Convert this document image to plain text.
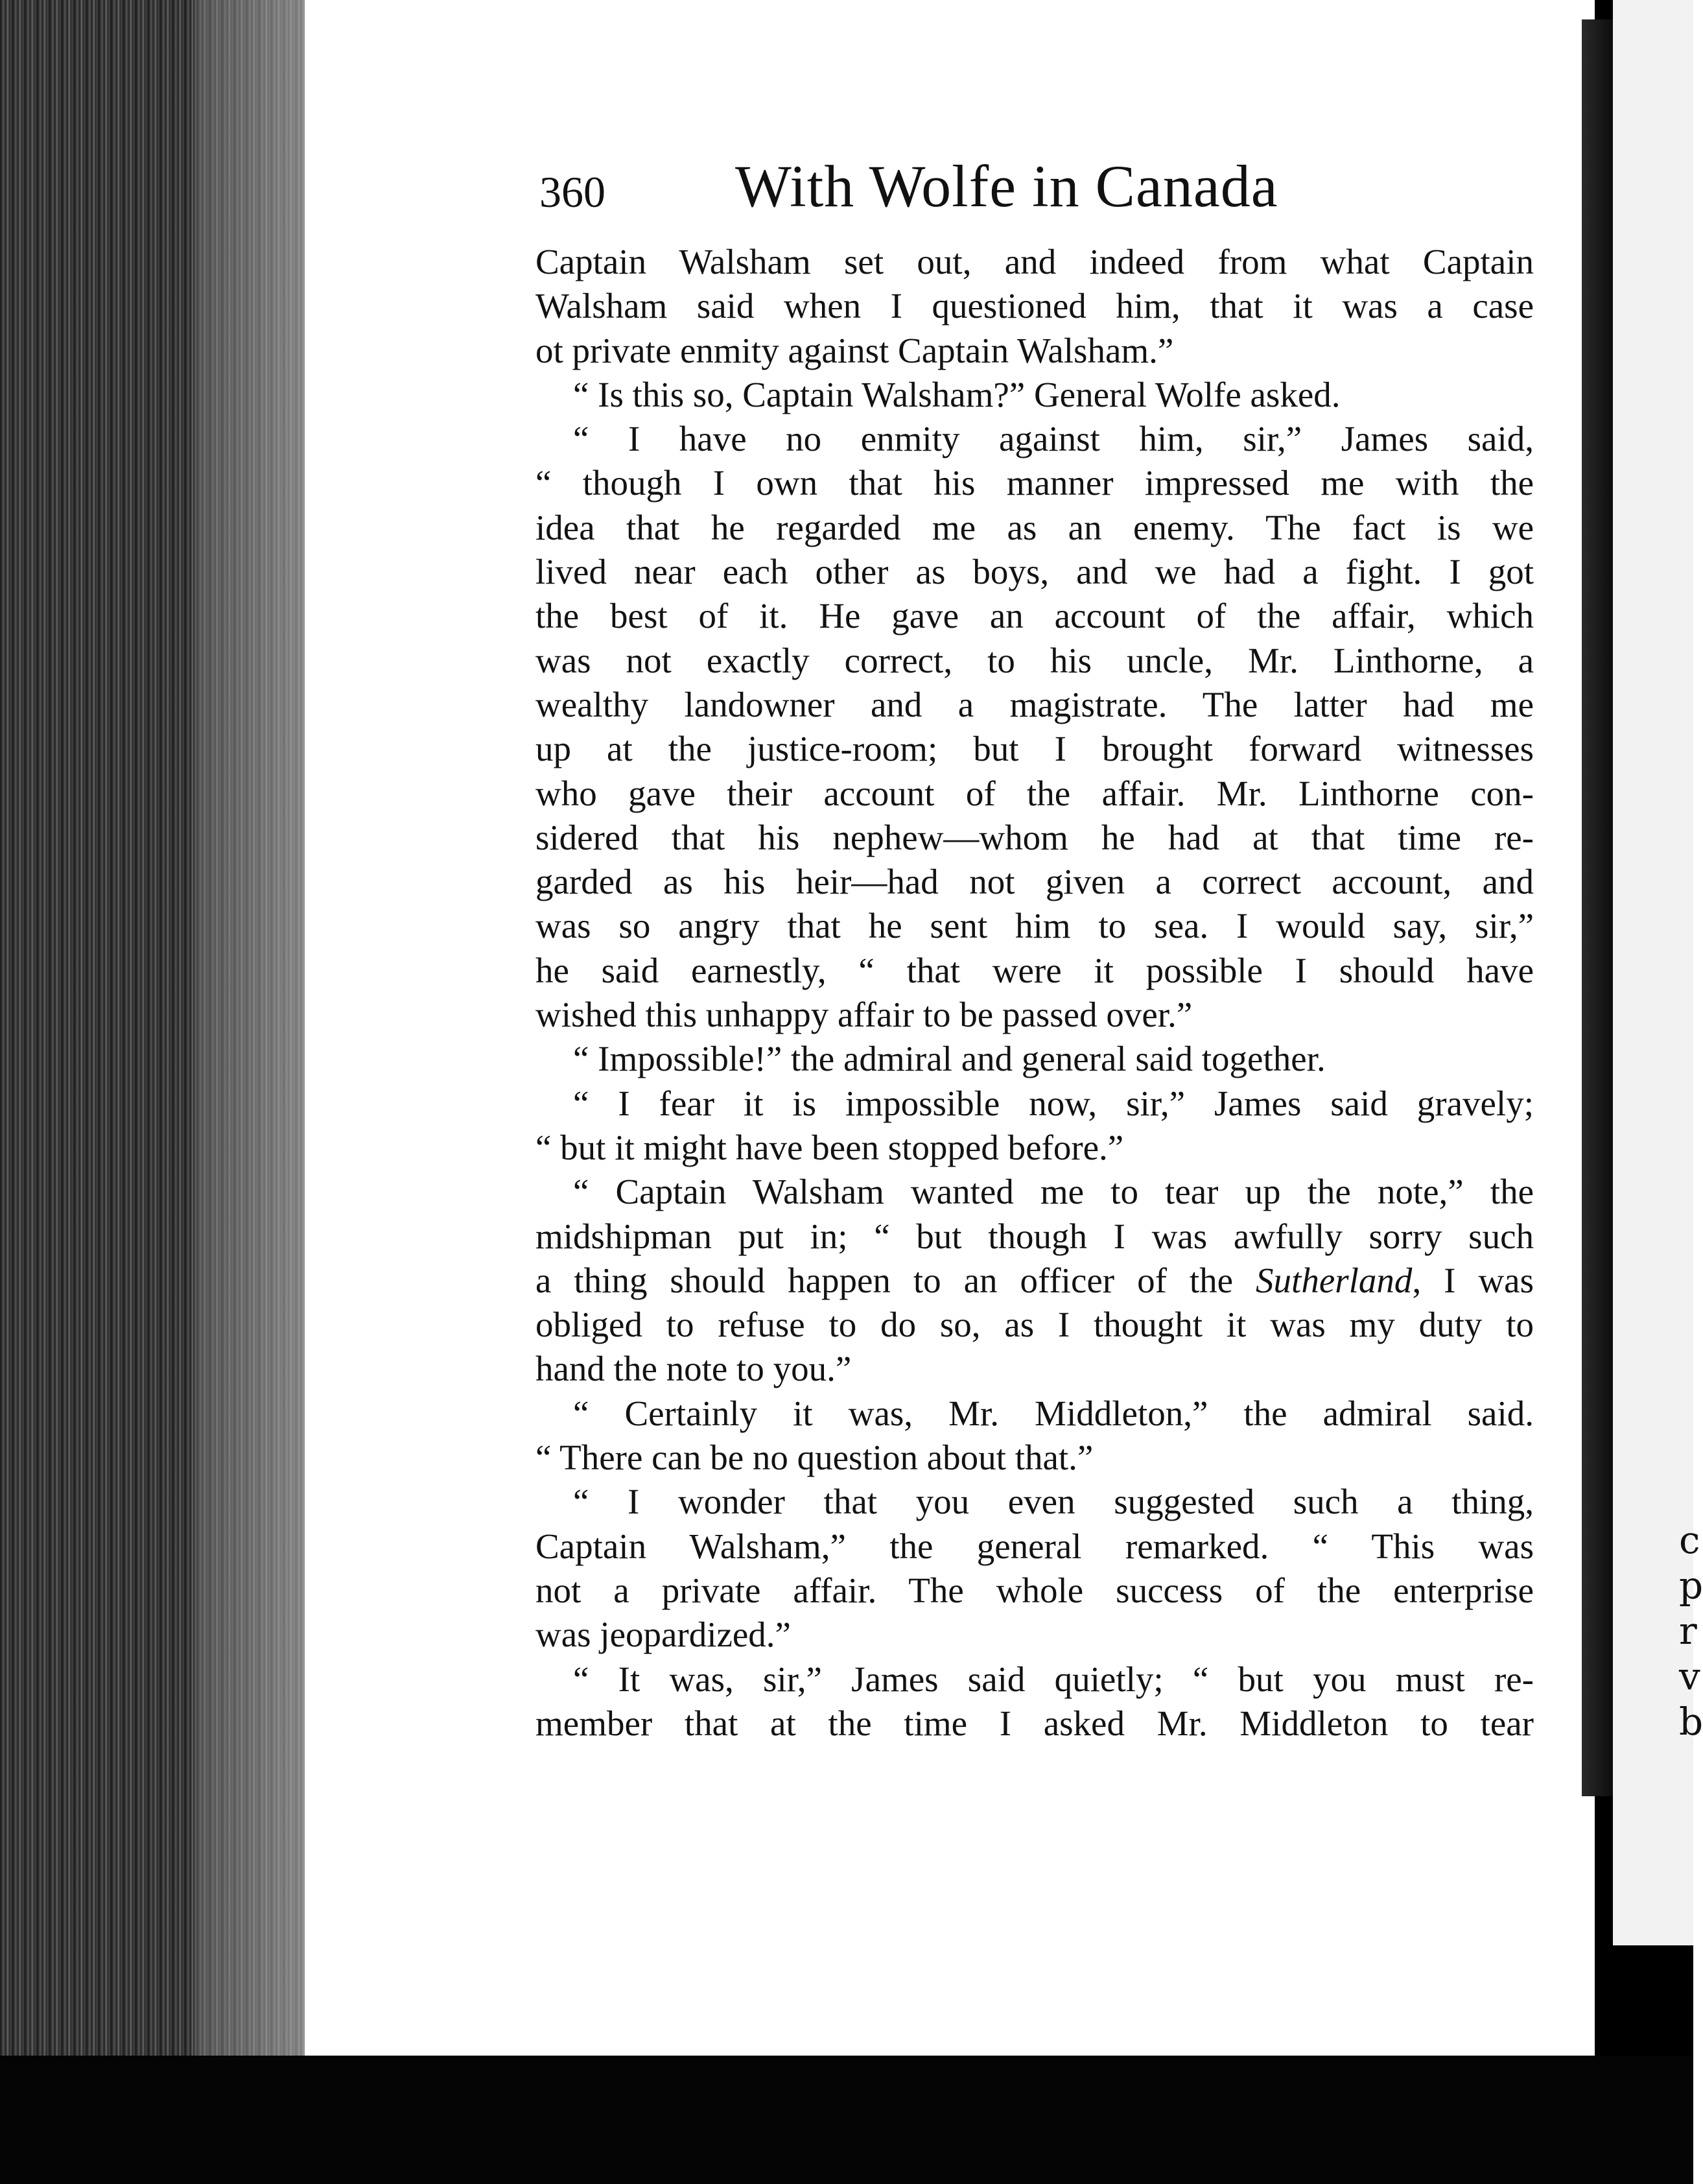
360 With Wolfe in Canada
Captain Walsham set out, and indeed from what Captain
Walsham said when I questioned him, that it was a case
ot private enmity against Captain Walsham.”
“ Is this so, Captain Walsham?” General Wolfe asked.
“ I have no enmity against him, sir,” James said,
“ though I own that his manner impressed me with the
idea that he regarded me as an enemy. The fact is we
lived near each other as boys, and we had a fight. I got
the best of it. He gave an account of the affair, which
was not exactly correct, to his uncle, Mr. Linthorne, a
wealthy landowner and a magistrate. The latter had me
up at the justice-room; but I brought forward witnesses
who gave their account of the affair. Mr. Linthorne con-
sidered that his nephew—whom he had at that time re-
garded as his heir—had not given a correct account, and
was so angry that he sent him to sea. I would say, sir,”
he said earnestly, “ that were it possible I should have
wished this unhappy affair to be passed over.”
“ Impossible!” the admiral and general said together.
“ I fear it is impossible now, sir,” James said gravely;
“ but it might have been stopped before.”
“ Captain Walsham wanted me to tear up the note,” the
midshipman put in; “ but though I was awfully sorry such
a thing should happen to an officer of the Sutherland, I was
obliged to refuse to do so, as I thought it was my duty to
hand the note to you.”
“ Certainly it was, Mr. Middleton,” the admiral said.
“ There can be no question about that.”
“ I wonder that you even suggested such a thing,
Captain Walsham,” the general remarked. “ This was
not a private affair. The whole success of the enterprise
was jeopardized.”
“ It was, sir,” James said quietly; “ but you must re-
member that at the time I asked Mr. Middleton to tear
c
p
r
v
b
